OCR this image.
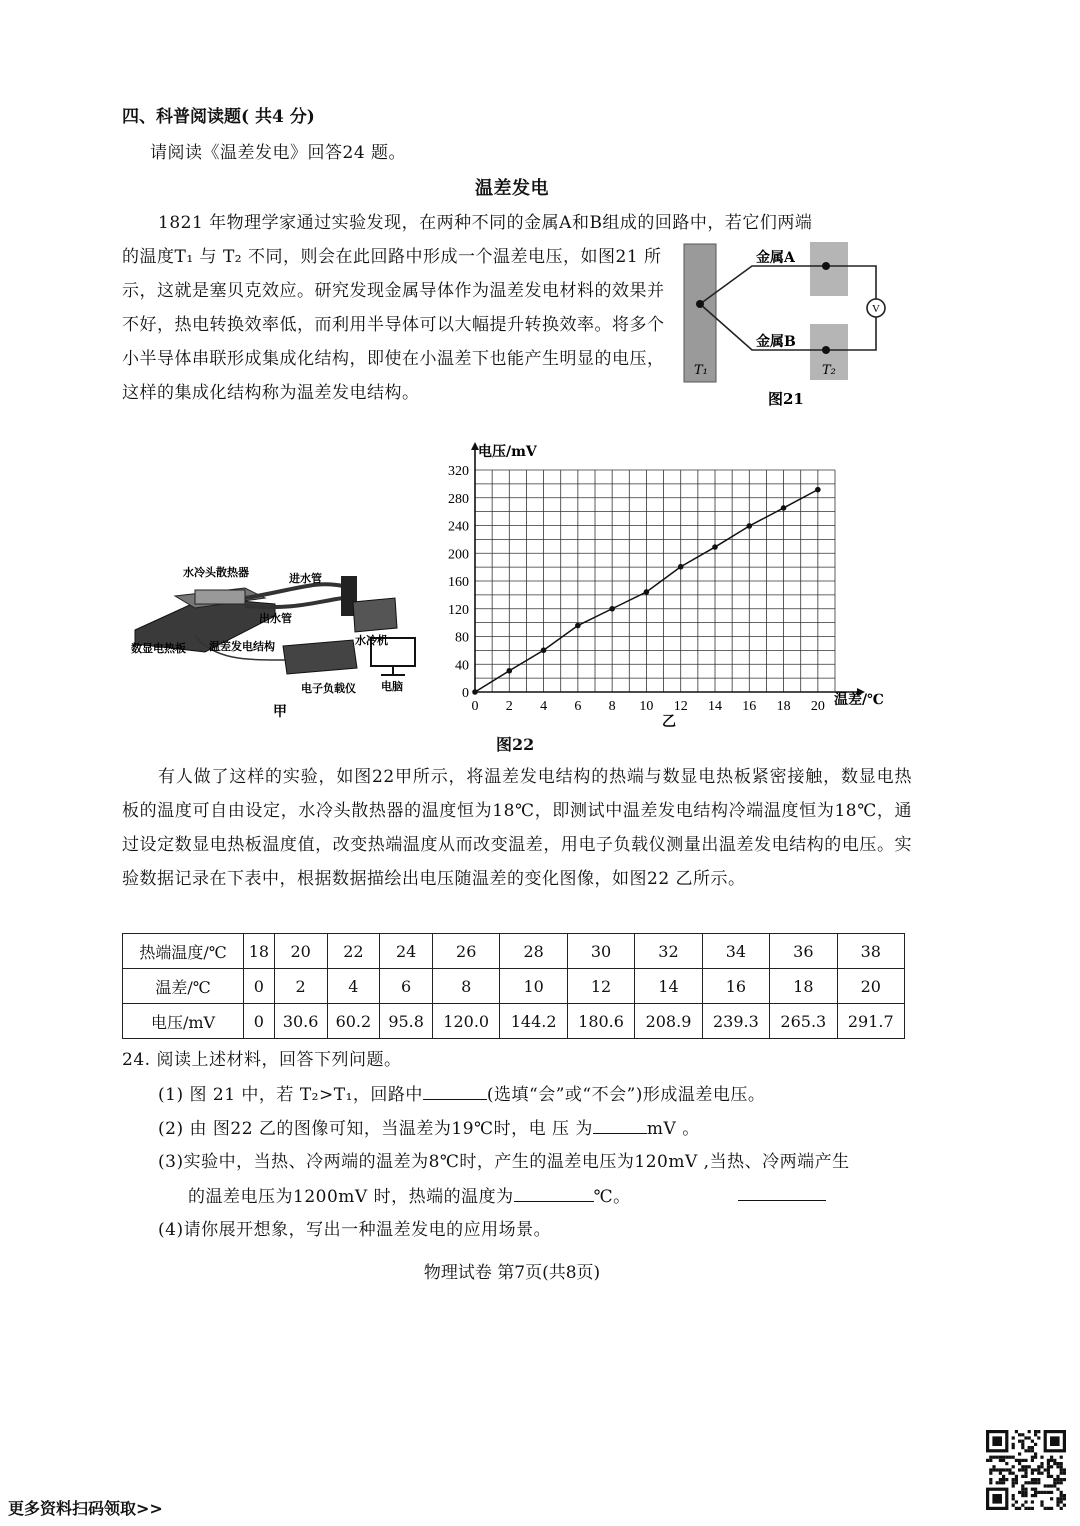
四、科普阅读题( 共4 分)
请阅读《温差发电》回答24 题。
温差发电
1821 年物理学家通过实验发现，在两种不同的金属A和B组成的回路中，若它们两端
的温度T₁ 与 T₂ 不同，则会在此回路中形成一个温差电压，如图21 所示，这就是塞贝克效应。研究发现金属导体作为温差发电材料的效果并不好，热电转换效率低，而利用半导体可以大幅提升转换效率。将多个小半导体串联形成集成化结构，即使在小温差下也能产生明显的电压，这样的集成化结构称为温差发电结构。
V
金属A
金属B
T₁	T₂
图21
水冷头散热器	进水管
出水管
水冷机
数显电热板 温差发电结构
电子负载仪 电脑
甲	0 2 4 6 8 10 12 14 16 18 20
0
40
80
120
160
200
240
280
320
电压/mV
温差/℃
乙
图22
有人做了这样的实验，如图22甲所示，将温差发电结构的热端与数显电热板紧密接触，数显电热板的温度可自由设定，水冷头散热器的温度恒为18℃，即测试中温差发电结构冷端温度恒为18℃，通过设定数显电热板温度值，改变热端温度从而改变温差，用电子负载仪测量出温差发电结构的电压。实验数据记录在下表中，根据数据描绘出电压随温差的变化图像，如图22 乙所示。
热端温度/℃	18	20	22	24	26	28	30	32	34	36	38
温差/℃	0	2	4	6	8	10	12	14	16	18	20
电压/mV	0	30.6	60.2	95.8	120.0	144.2	180.6	208.9	239.3	265.3	291.7
24. 阅读上述材料，回答下列问题。
(1) 图 21 中，若 T₂>T₁，回路中	(选填“会”或“不会”)形成温差电压。
(2) 由 图22 乙的图像可知，当温差为19℃时，电 压 为	mV 。
(3)实验中，当热、冷两端的温差为8℃时，产生的温差电压为120mV ,当热、冷两端产生
的温差电压为1200mV 时，热端的温度为	℃。
(4)请你展开想象，写出一种温差发电的应用场景。
物理试卷 第7页(共8页)
更多资料扫码领取>>
